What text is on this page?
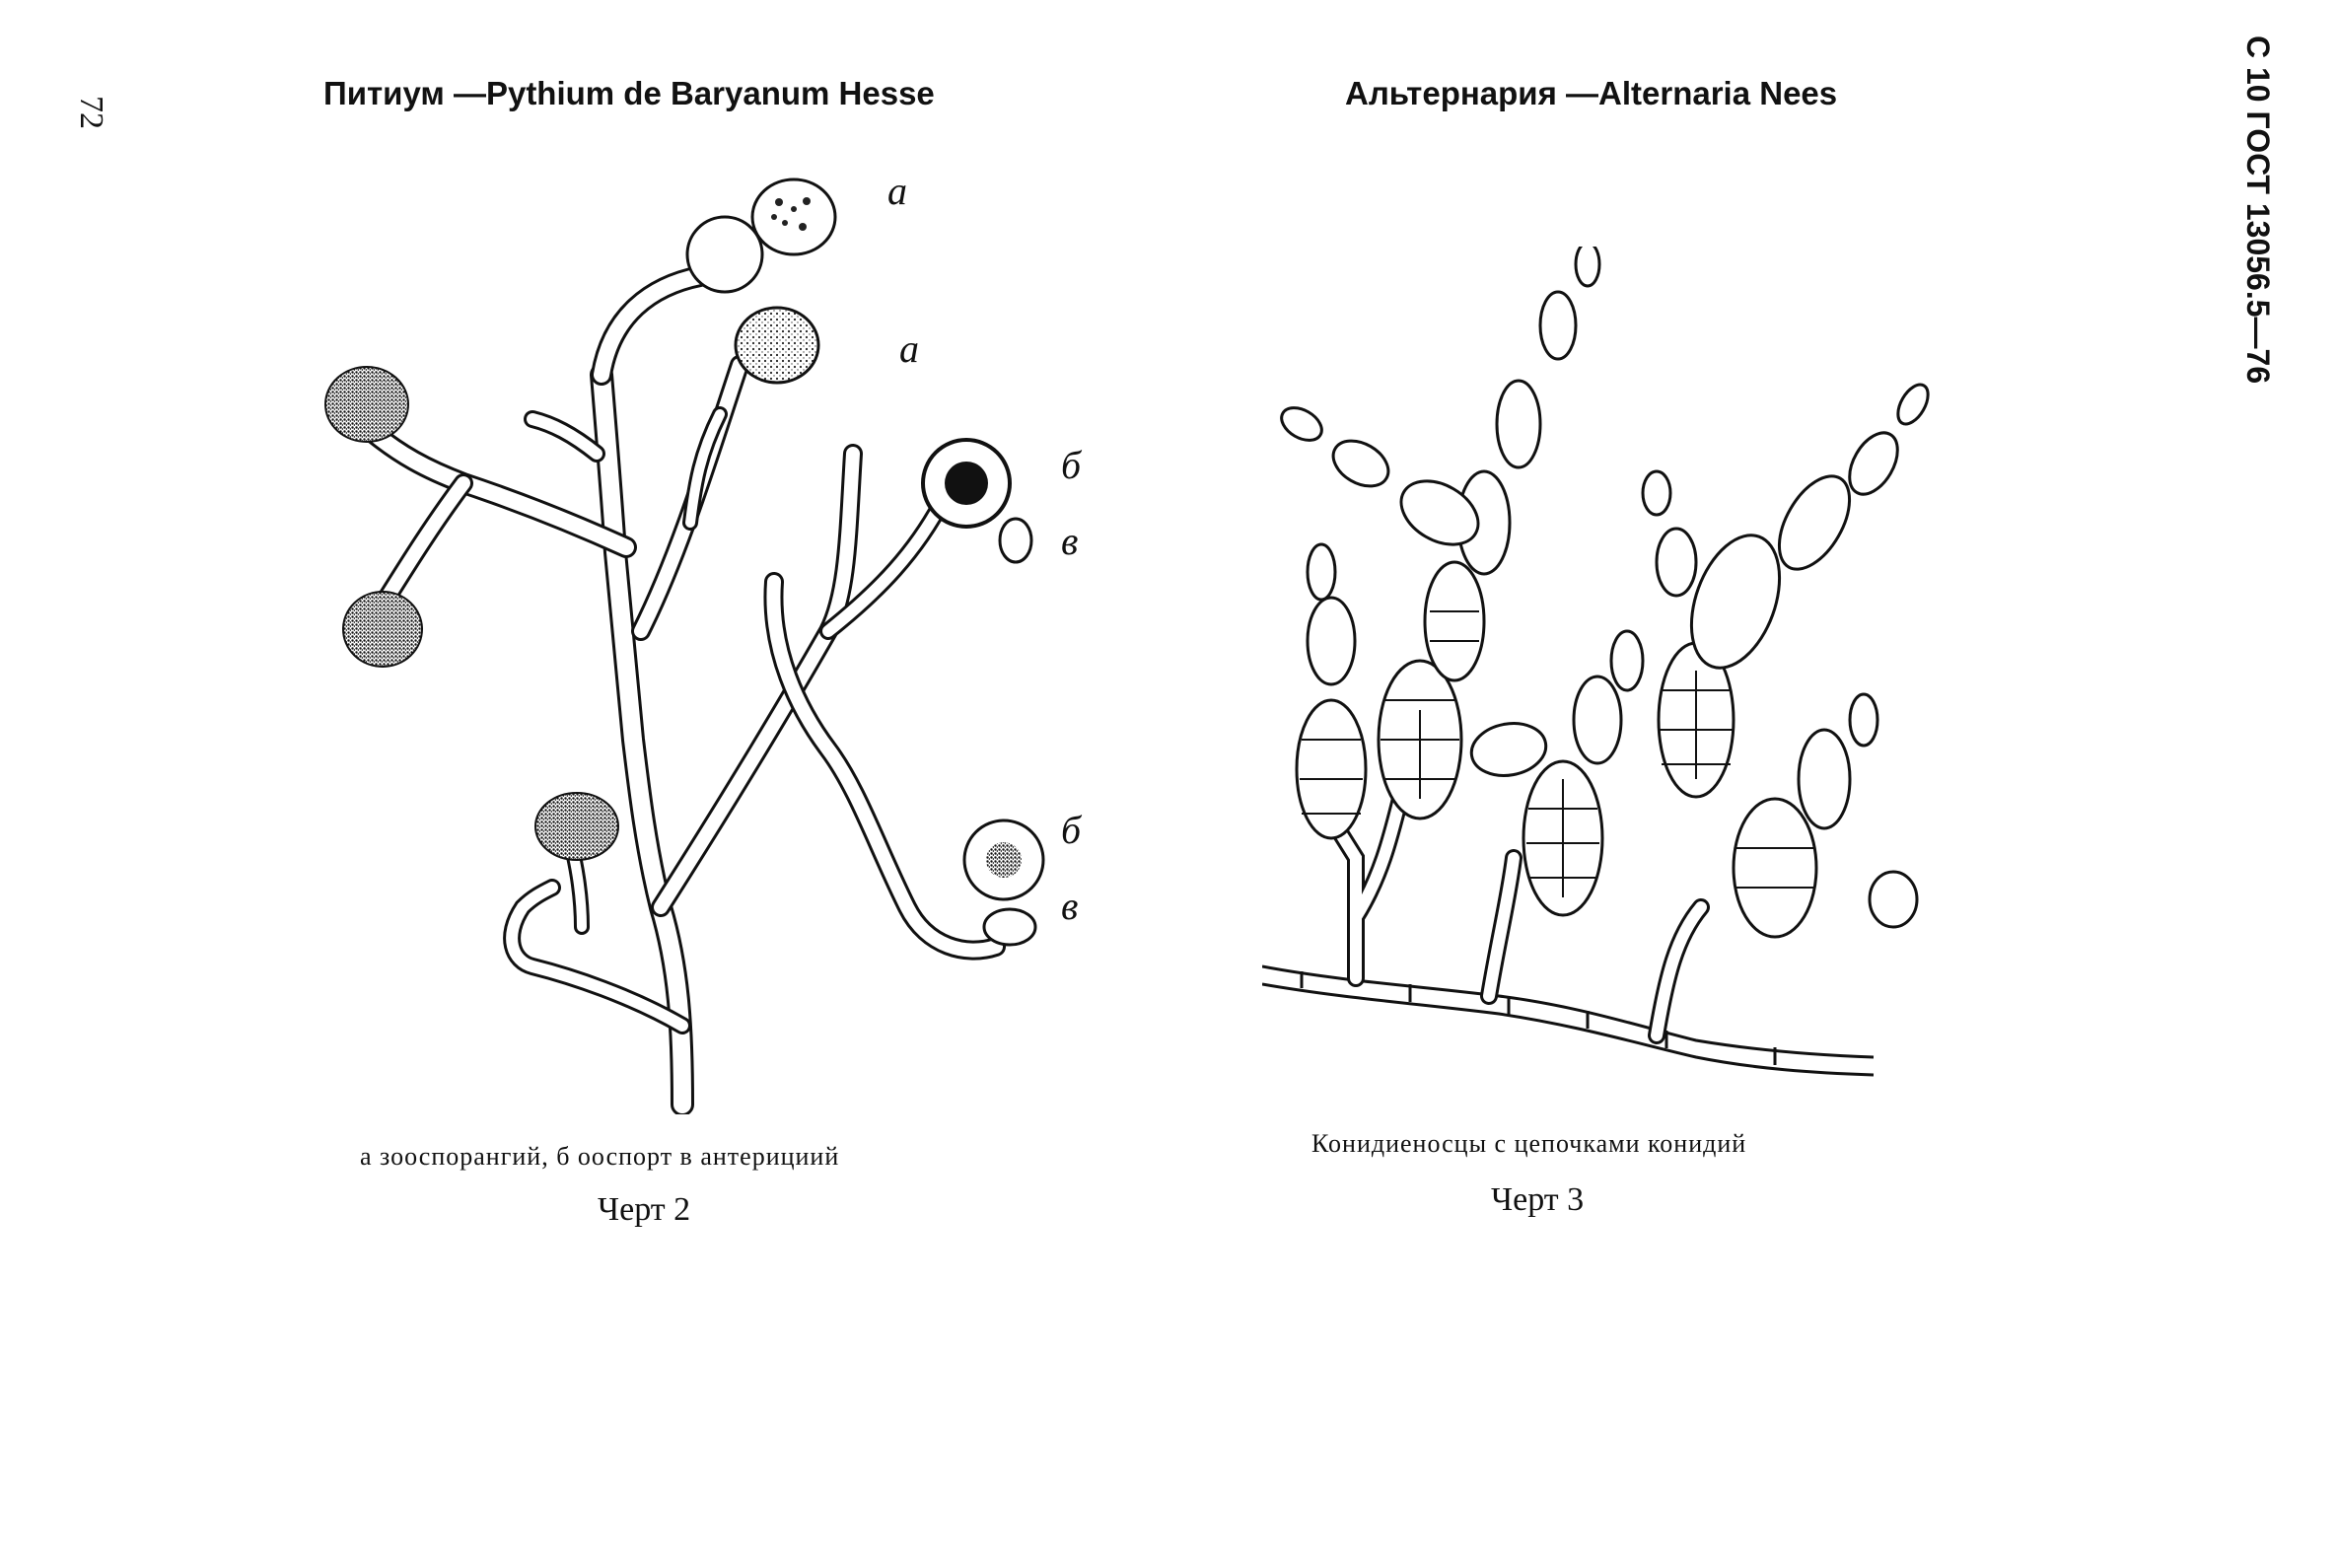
72	С 10 ГОСТ 13056.5—76
Питиум —Pythium de Baryanum Hesse	Альтернария —Alternaria Nees
а
а
б
в
б
в
а зооспорангий, б ооспорт в антерициий	Конидиеносцы с цепочками конидий
Черт 2	Черт 3
